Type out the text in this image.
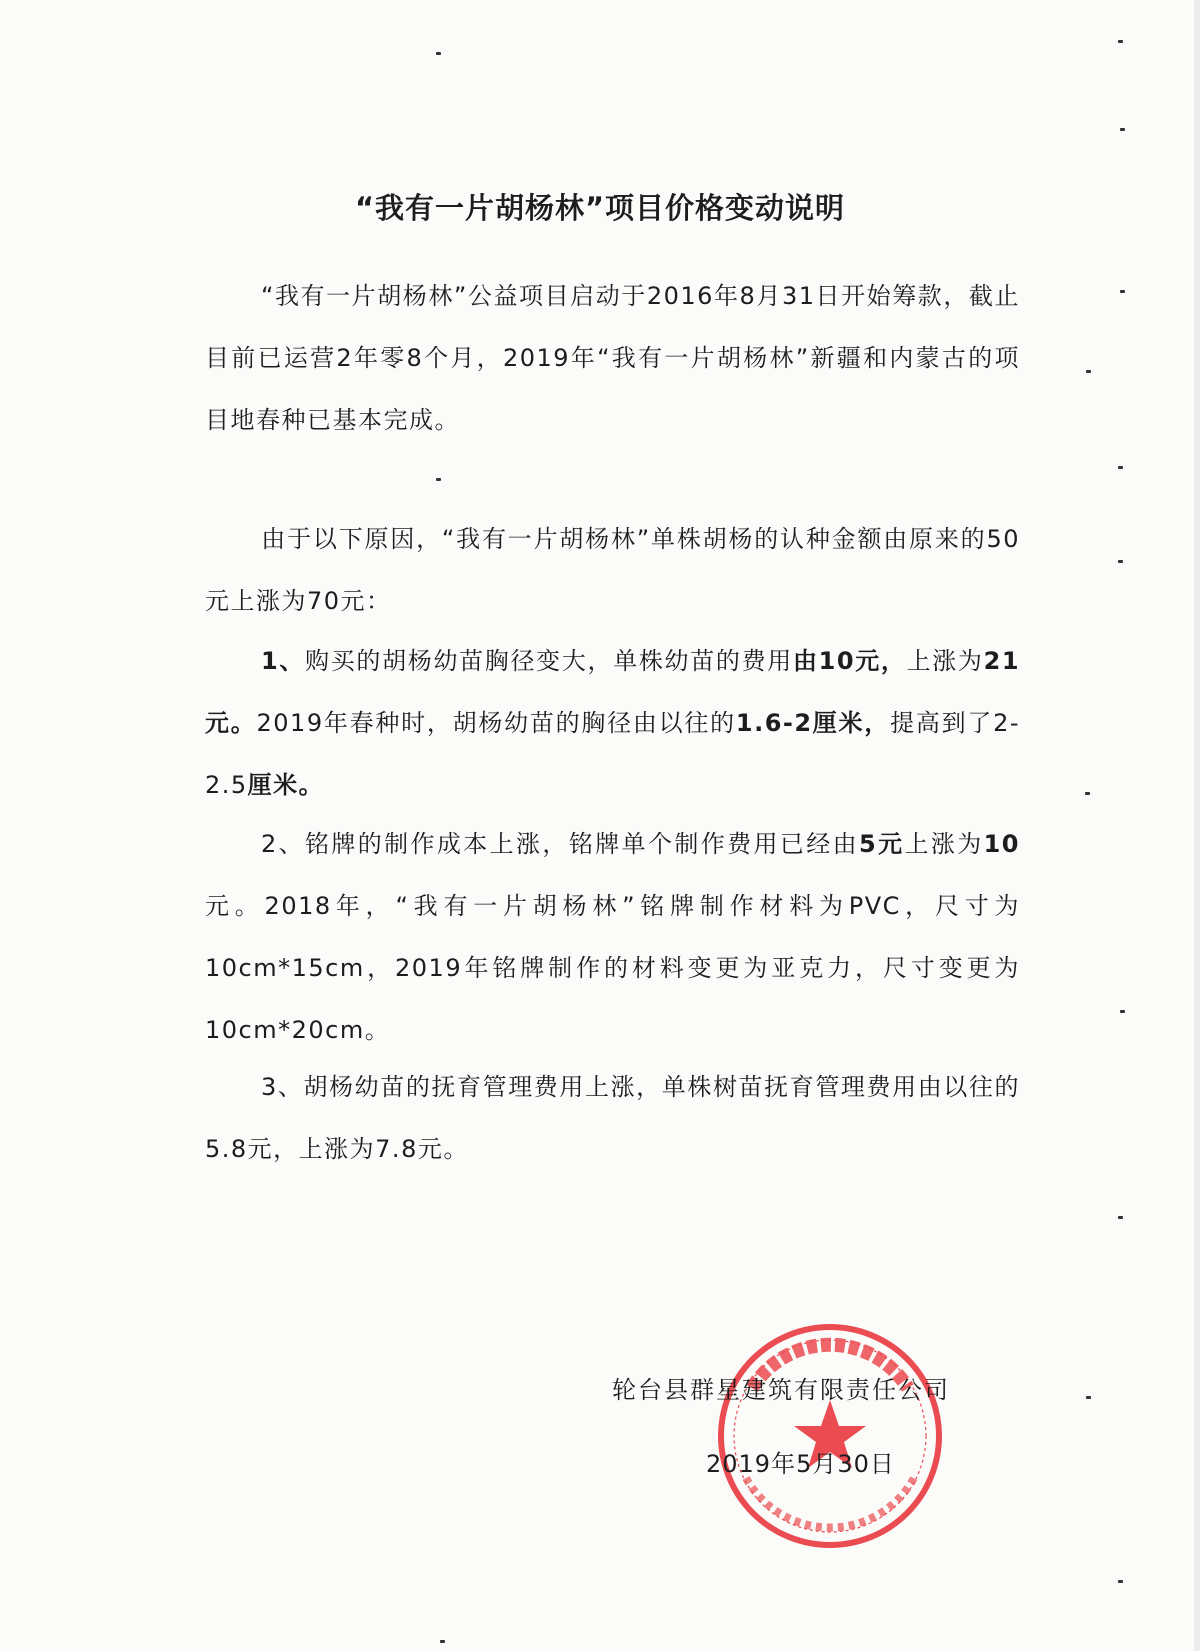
“我有一片胡杨林”项目价格变动说明

“我有一片胡杨林”公益项目启动于2016年8月31日开始筹款，截止目前已运营2年零8个月，2019年“我有一片胡杨林”新疆和内蒙古的项目地春种已基本完成。

由于以下原因，“我有一片胡杨林”单株胡杨的认种金额由原来的50元上涨为70元：

1、购买的胡杨幼苗胸径变大，单株幼苗的费用由10元，上涨为21元。2019年春种时，胡杨幼苗的胸径由以往的1.6-2厘米，提高到了2-2.5厘米。

2、铭牌的制作成本上涨，铭牌单个制作费用已经由5元上涨为10元。2018年，“我有一片胡杨林”铭牌制作材料为PVC，尺寸为10cm*15cm，2019年铭牌制作的材料变更为亚克力，尺寸变更为10cm*20cm。

3、胡杨幼苗的抚育管理费用上涨，单株树苗抚育管理费用由以往的5.8元，上涨为7.8元。

轮台县群星建筑有限责任公司
2019年5月30日
